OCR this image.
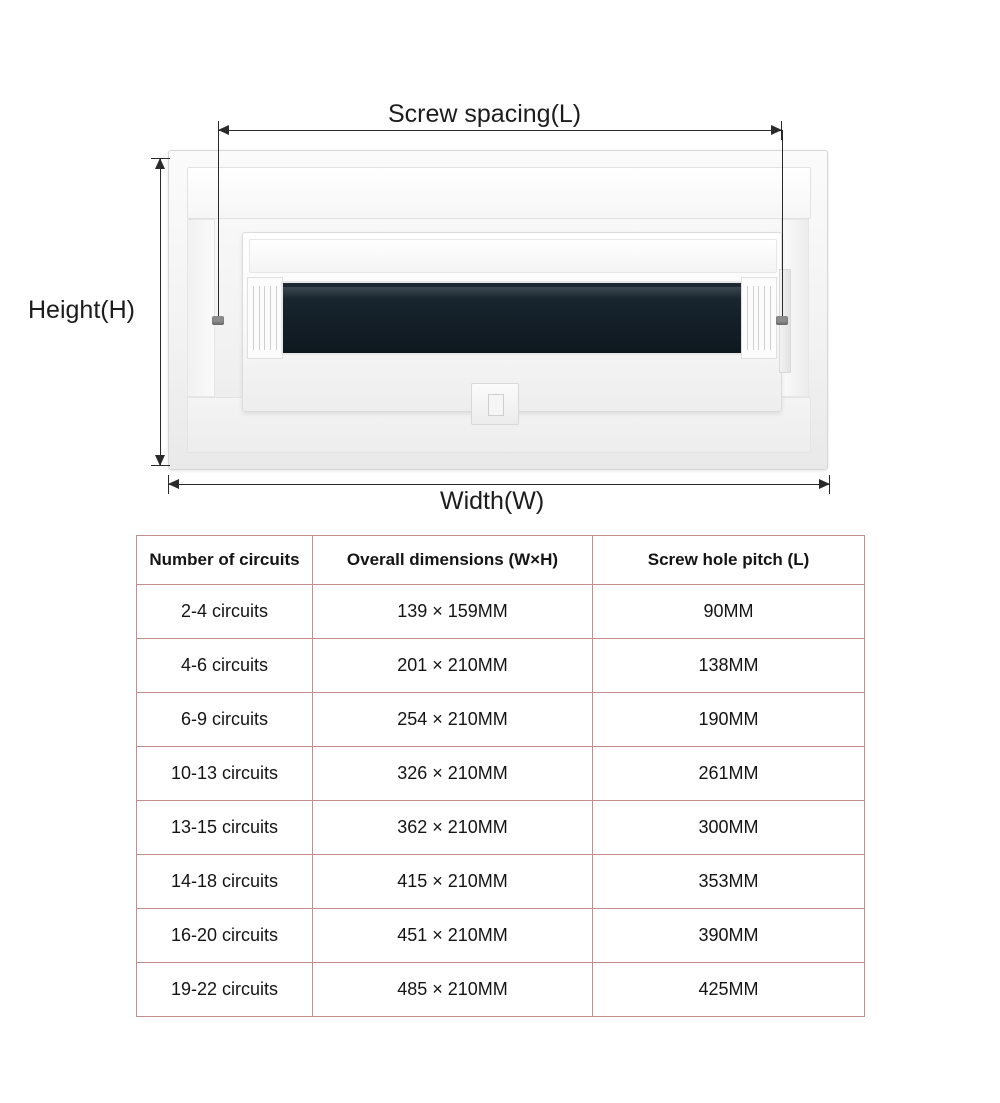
Screw spacing(L)
Height(H)
Width(W)
Number of circuits	Overall dimensions (W×H)	Screw hole pitch (L)
2-4 circuits	139 × 159MM	90MM
4-6 circuits	201 × 210MM	138MM
6-9 circuits	254 × 210MM	190MM
10-13 circuits	326 × 210MM	261MM
13-15 circuits	362 × 210MM	300MM
14-18 circuits	415 × 210MM	353MM
16-20 circuits	451 × 210MM	390MM
19-22 circuits	485 × 210MM	425MM
